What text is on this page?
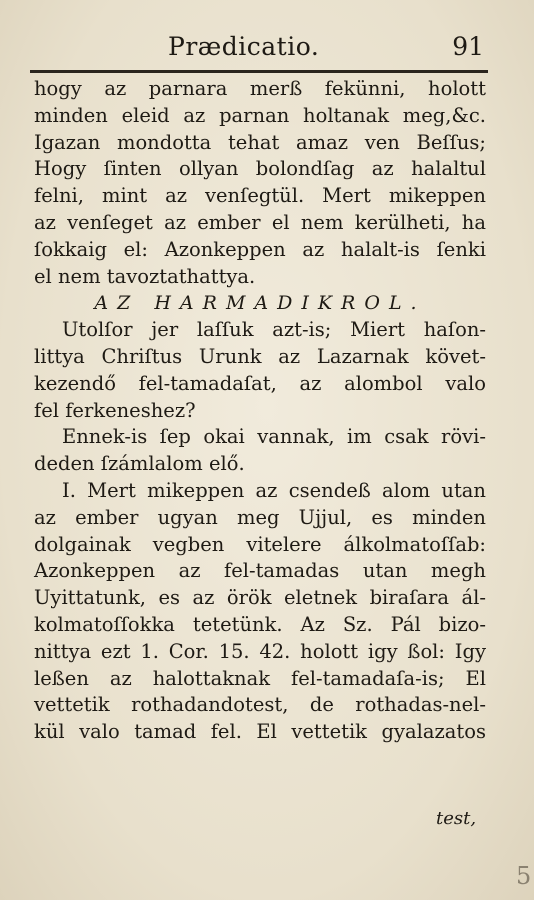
Prædicatio.	91
hogy az parnara merß fekünni, holott
minden eleid az parnan holtanak meg,&c.
Igazan mondotta tehat amaz ven Beſſus;
Hogy ſinten ollyan bolondſag az halaltul
felni, mint az venſegtül. Mert mikeppen
az venſeget az ember el nem kerülheti, ha
ſokkaig el: Azonkeppen az halalt-is ſenki
el nem tavoztathattya.
AZ HARMADIKROL.
Utolſor jer laſſuk azt-is; Miert haſon-
littya Chriſtus Urunk az Lazarnak követ-
kezendő fel-tamadaſat, az alombol valo
fel ferkeneshez?
Ennek-is ſep okai vannak, im csak rövi-
deden ſzámlalom elő.
I. Mert mikeppen az csendeß alom utan
az ember ugyan meg Ujjul, es minden
dolgainak vegben vitelere álkolmatoſſab:
Azonkeppen az fel-tamadas utan megh
Uyittatunk, es az örök eletnek biraſara ál-
kolmatoſſokka tetetünk. Az Sz. Pál bizo-
nittya ezt 1. Cor. 15. 42. holott igy ßol: Igy
leßen az halottaknak fel-tamadaſa-is; El
vettetik rothadandotest, de rothadas-nel-
kül valo tamad fel. El vettetik gyalazatos
test,
5
